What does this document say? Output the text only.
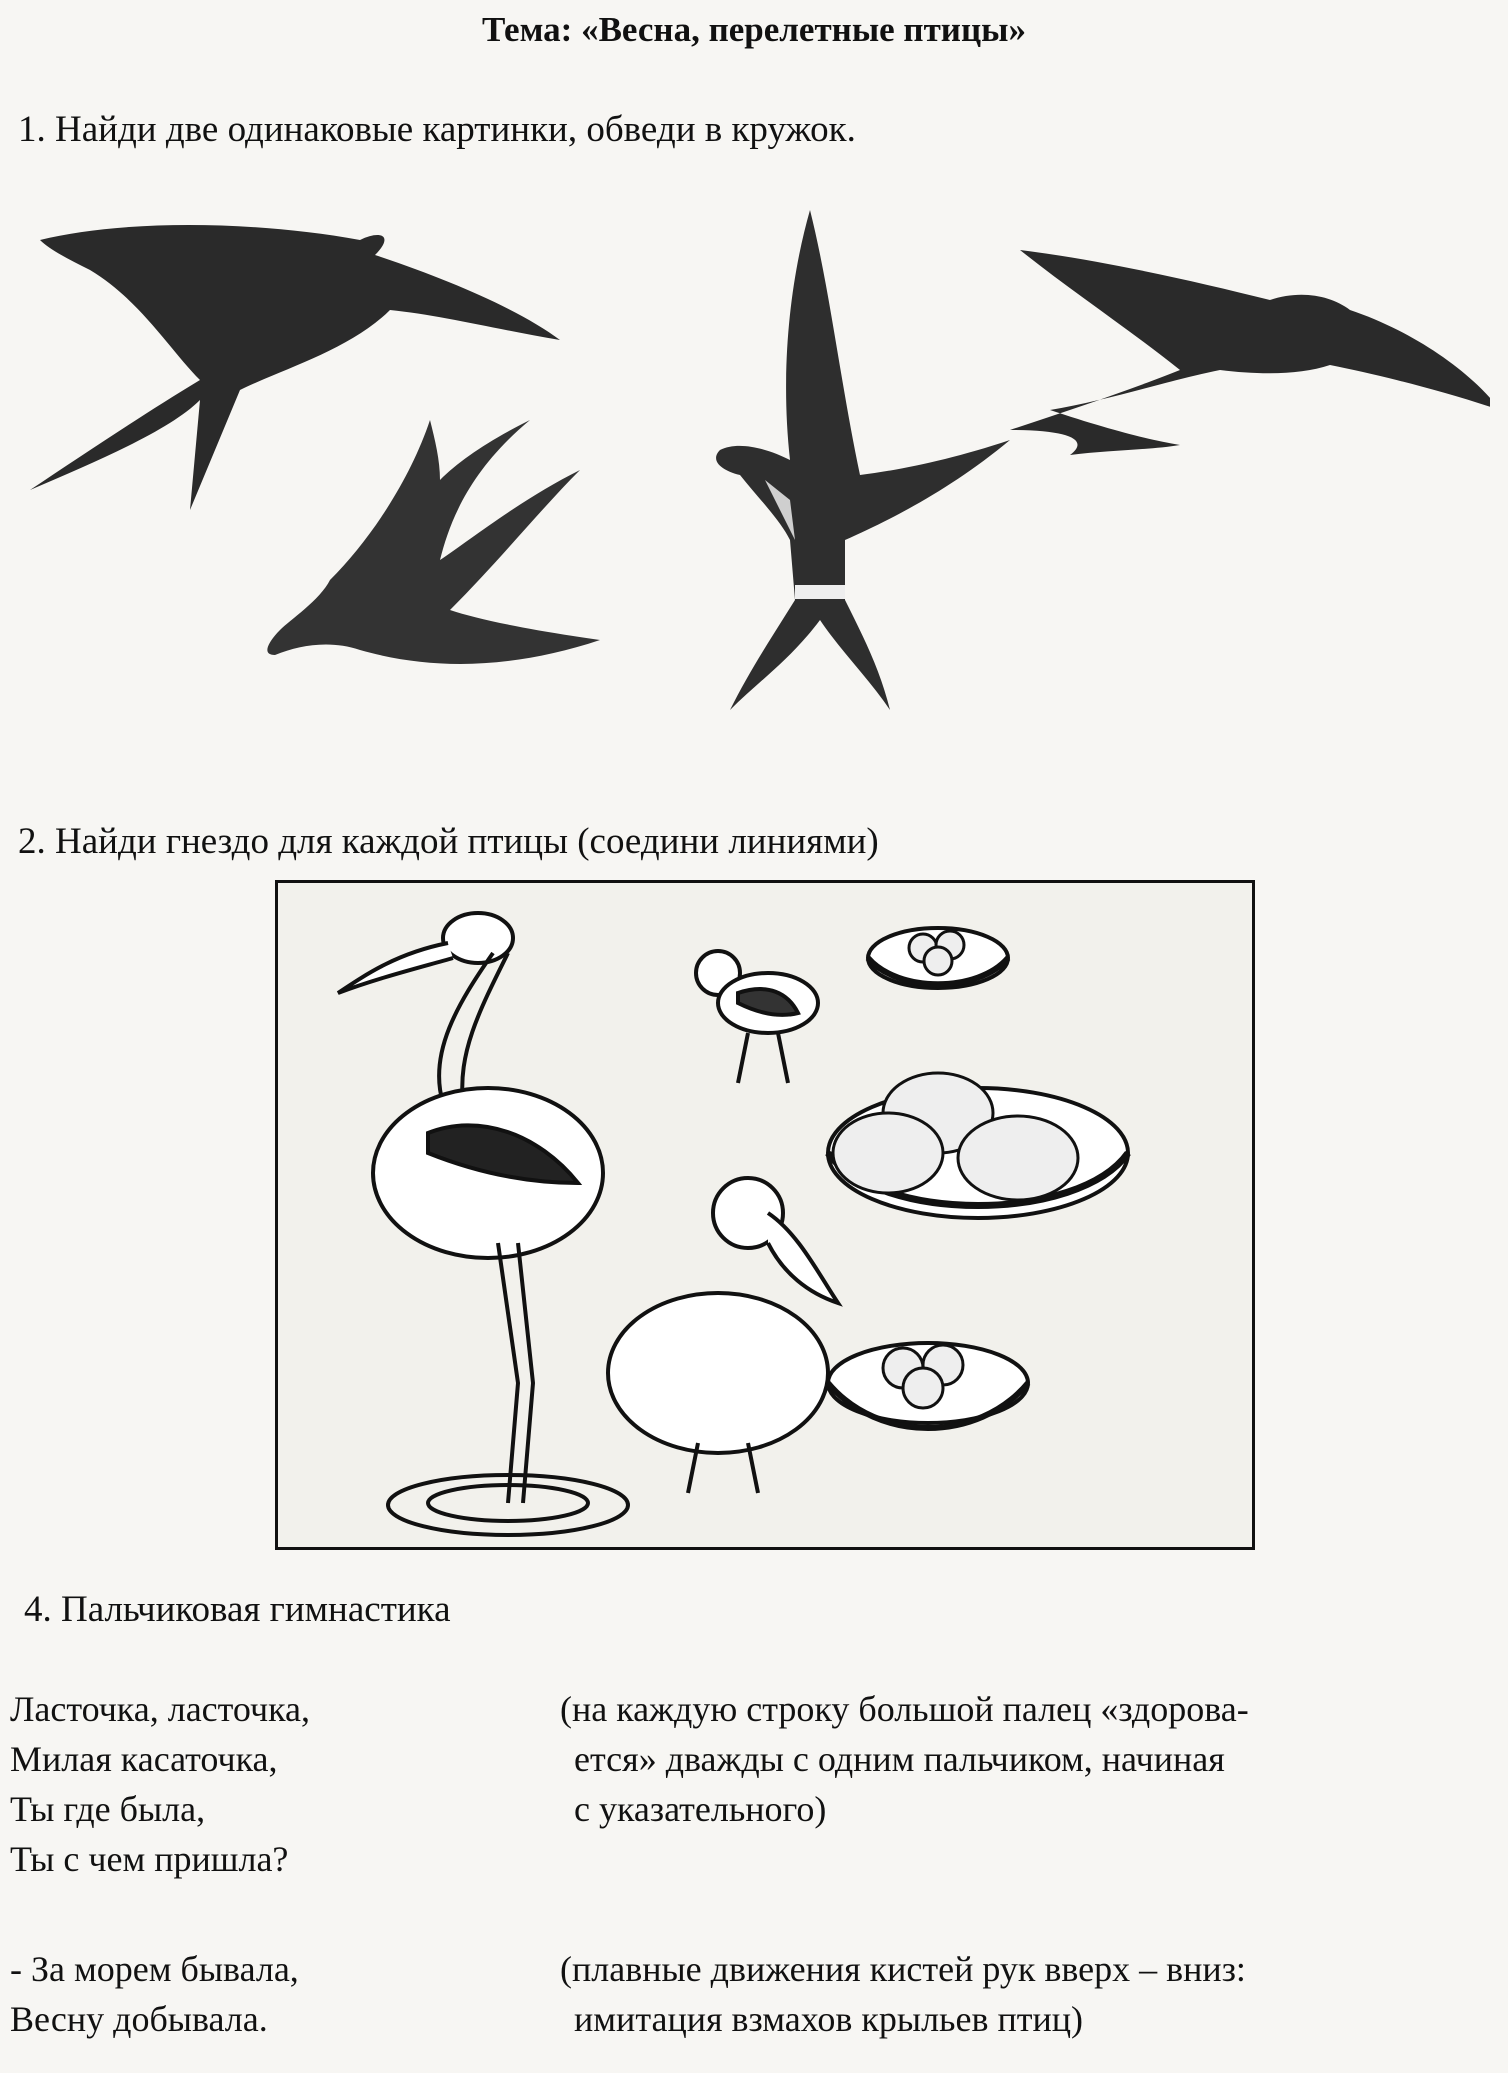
Тема: «Весна, перелетные птицы»
1. Найди две одинаковые картинки, обведи в кружок.
2. Найди гнездо для каждой птицы (соедини линиями)
4. Пальчиковая гимнастика
Ласточка, ласточка,
Милая касаточка,
Ты где была,
Ты с чем пришла?
- За морем бывала,
Весну добывала.
(на каждую строку большой палец «здорова-
ется» дважды с одним пальчиком, начиная
с указательного)
(плавные движения кистей рук вверх – вниз:
имитация взмахов крыльев птиц)
